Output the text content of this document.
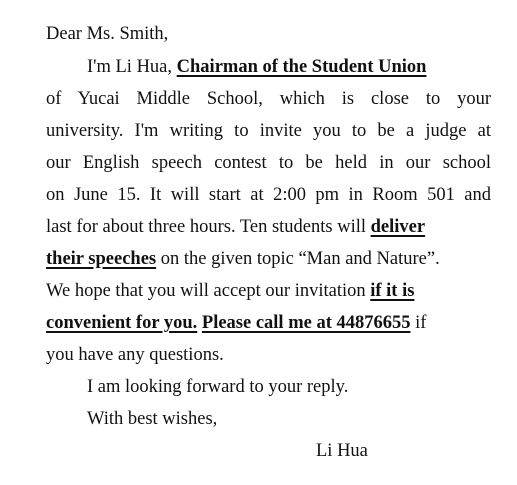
Dear Ms. Smith,
I'm Li Hua, Chairman of the Student Union
of Yucai Middle School, which is close to your
university. I'm writing to invite you to be a judge at
our English speech contest to be held in our school
on June 15. It will start at 2:00 pm in Room 501 and
last for about three hours. Ten students will deliver
their speeches on the given topic “Man and Nature”.
We hope that you will accept our invitation if it is
convenient for you. Please call me at 44876655 if
you have any questions.
I am looking forward to your reply.
With best wishes,
Li Hua
